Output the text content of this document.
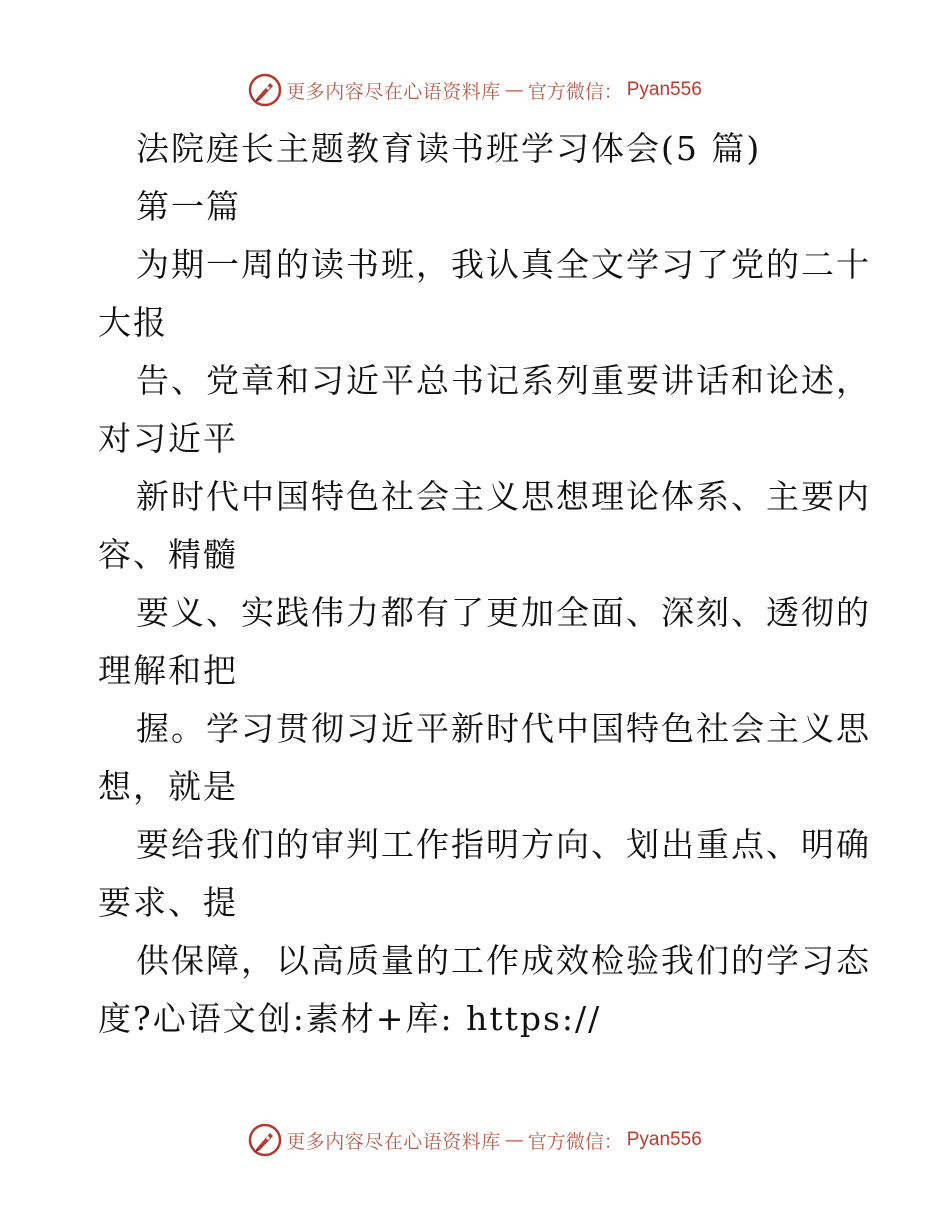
更多内容尽在心语资料库 — 官方微信： Pyan556
法院庭长主题教育读书班学习体会(5 篇)
第一篇
为期一周的读书班，我认真全文学习了党的二十
大报
告、党章和习近平总书记系列重要讲话和论述，
对习近平
新时代中国特色社会主义思想理论体系、主要内
容、精髓
要义、实践伟力都有了更加全面、深刻、透彻的
理解和把
握。学习贯彻习近平新时代中国特色社会主义思
想，就是
要给我们的审判工作指明方向、划出重点、明确
要求、提
供保障，以高质量的工作成效检验我们的学习态
度?心语文创:素材+库: https://
更多内容尽在心语资料库 — 官方微信： Pyan556
